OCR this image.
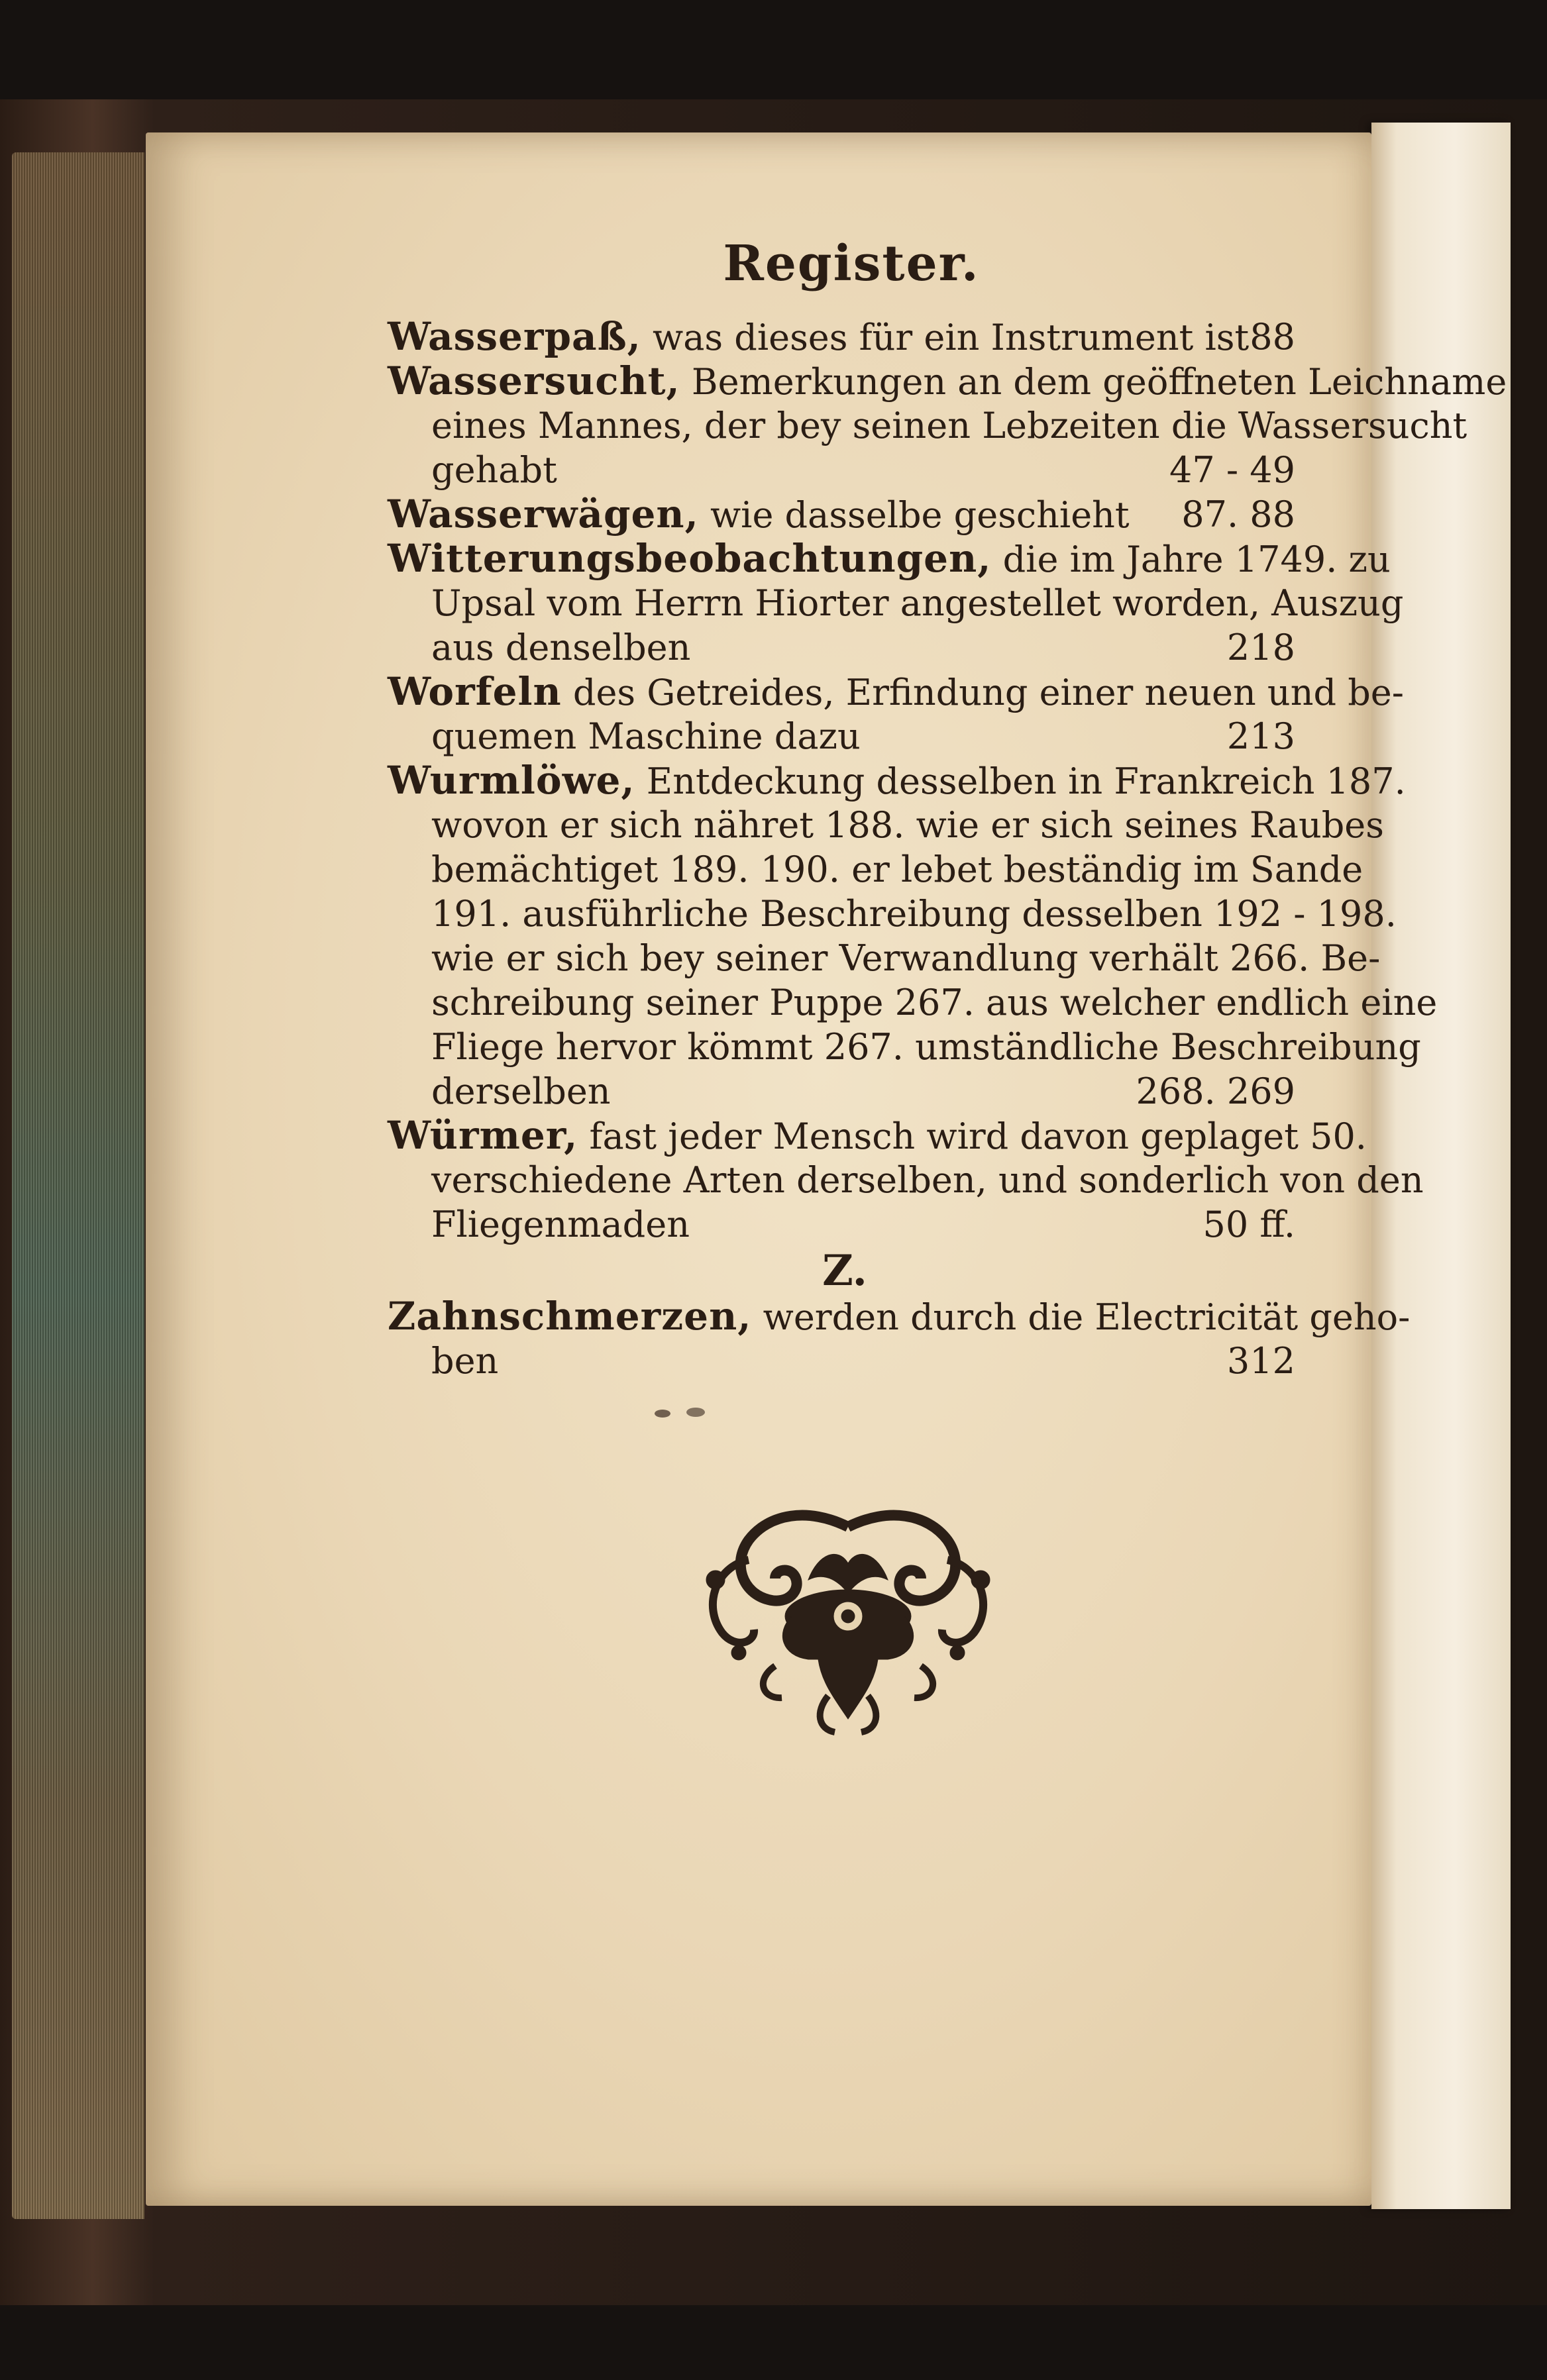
Register.
Wasserpaß, was dieses für ein Instrument ist 88
Wassersucht, Bemerkungen an dem geöffneten Leichname
eines Mannes, der bey seinen Lebzeiten die Wassersucht
gehabt	47 - 49
Wasserwägen, wie dasselbe geschieht 87. 88
Witterungsbeobachtungen, die im Jahre 1749. zu
Upsal vom Herrn Hiorter angestellet worden, Auszug
aus denselben	218
Worfeln des Getreides, Erfindung einer neuen und be-
quemen Maschine dazu	213
Wurmlöwe, Entdeckung desselben in Frankreich 187.
wovon er sich nähret 188. wie er sich seines Raubes
bemächtiget 189. 190. er lebet beständig im Sande
191. ausführliche Beschreibung desselben 192 - 198.
wie er sich bey seiner Verwandlung verhält 266. Be-
schreibung seiner Puppe 267. aus welcher endlich eine
Fliege hervor kömmt 267. umständliche Beschreibung
derselben	268. 269
Würmer, fast jeder Mensch wird davon geplaget 50.
verschiedene Arten derselben, und sonderlich von den
Fliegenmaden	50 ff.
Z.
Zahnschmerzen, werden durch die Electricität geho-
ben	312
